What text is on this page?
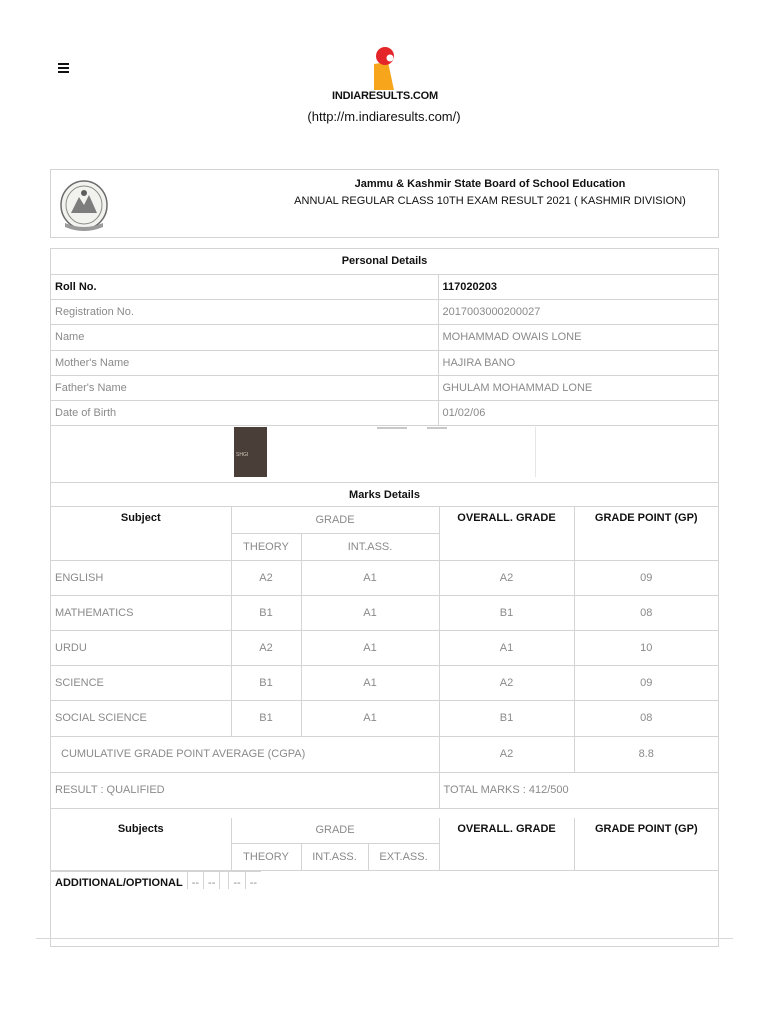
INDIARESULTS.COM
(http://m.indiaresults.com/)
Jammu & Kashmir State Board of School Education
ANNUAL REGULAR CLASS 10TH EXAM RESULT 2021 ( KASHMIR DIVISION)
Personal Details	
Roll No.	117020203
Registration No.	2017003000200027
Name	MOHAMMAD OWAIS LONE
Mother's Name	HAJIRA BANO
Father's Name	GHULAM MOHAMMAD LONE
Date of Birth	01/02/06
SHGI
Marks Details
Subject	GRADE		OVERALL. GRADE	GRADE POINT (GP)
	THEORY	INT.ASS.		
ENGLISH	A2	A1	A2	09
MATHEMATICS	B1	A1	B1	08
URDU	A2	A1	A1	10
SCIENCE	B1	A1	A2	09
SOCIAL SCIENCE	B1	A1	B1	08
CUMULATIVE GRADE POINT AVERAGE (CGPA)			A2	8.8
RESULT : QUALIFIED			TOTAL MARKS : 412/500	
Subjects	GRADE	OVERALL. GRADE	GRADE POINT (GP)
THEORY	INT.ASS.	EXT.ASS.

ADDITIONAL/OPTIONAL	--	--		--	--
